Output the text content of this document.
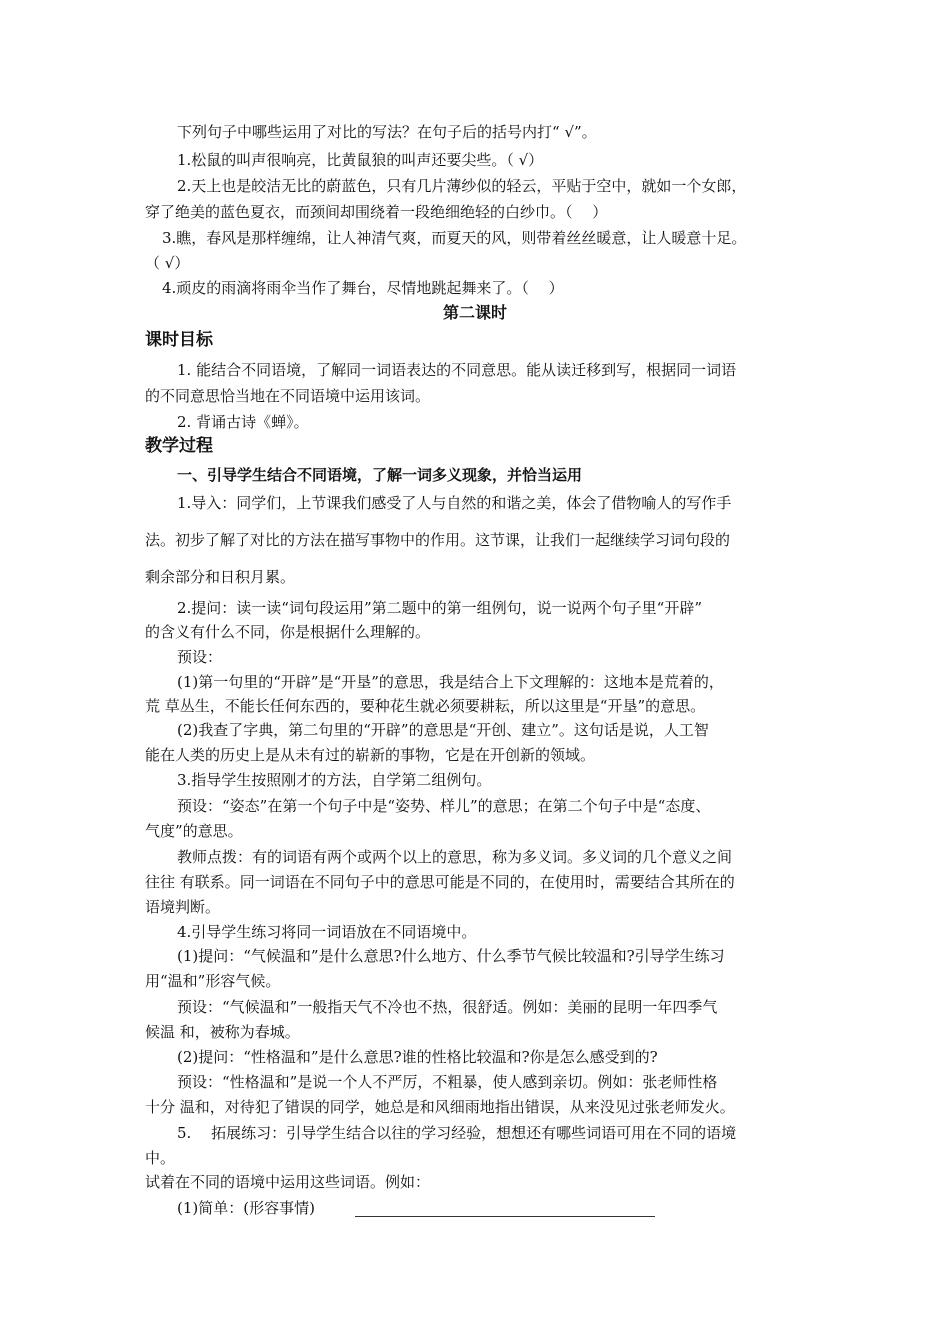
下列句子中哪些运用了对比的写法？在句子后的括号内打“ √”。
1.松鼠的叫声很响亮，比黄鼠狼的叫声还要尖些。（ √）
2.天上也是皎洁无比的蔚蓝色，只有几片薄纱似的轻云，平贴于空中，就如一个女郎，
穿了绝美的蓝色夏衣，而颈间却围绕着一段绝细绝轻的白纱巾。（　 ）
3.瞧，春风是那样缠绵，让人神清气爽，而夏天的风，则带着丝丝暖意，让人暖意十足。
（ √）
4.顽皮的雨滴将雨伞当作了舞台，尽情地跳起舞来了。（　 ）
第二课时
课时目标
1. 能结合不同语境，了解同一词语表达的不同意思。能从读迁移到写，根据同一词语
的不同意思恰当地在不同语境中运用该词。
2. 背诵古诗《蝉》。
教学过程
一、引导学生结合不同语境，了解一词多义现象，并恰当运用
1.导入：同学们，上节课我们感受了人与自然的和谐之美，体会了借物喻人的写作手
法。初步了解了对比的方法在描写事物中的作用。这节课，让我们一起继续学习词句段的
剩余部分和日积月累。
2.提问：读一读“词句段运用”第二题中的第一组例句，说一说两个句子里“开辟”
的含义有什么不同，你是根据什么理解的。
预设：
(1)第一句里的“开辟”是“开垦”的意思，我是结合上下文理解的：这地本是荒着的，
荒 草丛生，不能长任何东西的，要种花生就必须要耕耘，所以这里是“开垦”的意思。
(2)我查了字典，第二句里的“开辟”的意思是“开创、建立”。这句话是说，人工智
能在人类的历史上是从未有过的崭新的事物，它是在开创新的领域。
3.指导学生按照刚才的方法，自学第二组例句。
预设：“姿态”在第一个句子中是“姿势、样儿”的意思；在第二个句子中是“态度、
气度”的意思。
教师点拨：有的词语有两个或两个以上的意思，称为多义词。多义词的几个意义之间
往往 有联系。同一词语在不同句子中的意思可能是不同的，在使用时，需要结合其所在的
语境判断。
4.引导学生练习将同一词语放在不同语境中。
(1)提问：“气候温和”是什么意思?什么地方、什么季节气候比较温和?引导学生练习
用“温和”形容气候。
预设：“气候温和”一般指天气不冷也不热，很舒适。例如：美丽的昆明一年四季气
候温 和，被称为春城。
(2)提问：“性格温和”是什么意思?谁的性格比较温和?你是怎么感受到的?
预设：“性格温和”是说一个人不严厉，不粗暴，使人感到亲切。例如：张老师性格
十分 温和，对待犯了错误的同学，她总是和风细雨地指出错误，从来没见过张老师发火。
5.　 拓展练习：引导学生结合以往的学习经验，想想还有哪些词语可用在不同的语境
中。
试着在不同的语境中运用这些词语。例如：
(1)简单：(形容事情)
